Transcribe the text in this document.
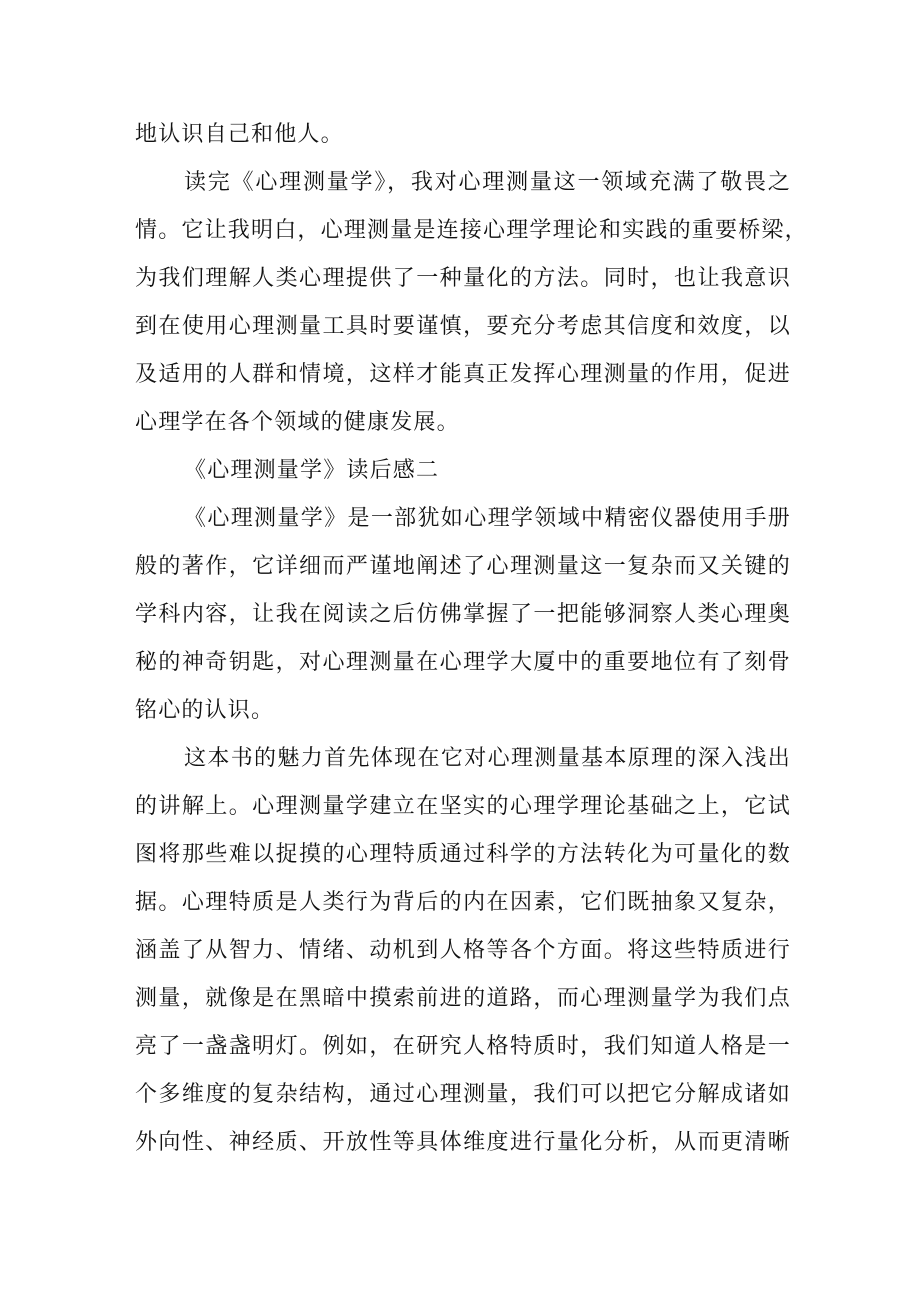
地认识自己和他人。
读完《心理测量学》，我对心理测量这一领域充满了敬畏之
情。它让我明白，心理测量是连接心理学理论和实践的重要桥梁，
为我们理解人类心理提供了一种量化的方法。同时，也让我意识
到在使用心理测量工具时要谨慎，要充分考虑其信度和效度，以
及适用的人群和情境，这样才能真正发挥心理测量的作用，促进
心理学在各个领域的健康发展。
《心理测量学》读后感二
《心理测量学》是一部犹如心理学领域中精密仪器使用手册
般的著作，它详细而严谨地阐述了心理测量这一复杂而又关键的
学科内容，让我在阅读之后仿佛掌握了一把能够洞察人类心理奥
秘的神奇钥匙，对心理测量在心理学大厦中的重要地位有了刻骨
铭心的认识。
这本书的魅力首先体现在它对心理测量基本原理的深入浅出
的讲解上。心理测量学建立在坚实的心理学理论基础之上，它试
图将那些难以捉摸的心理特质通过科学的方法转化为可量化的数
据。心理特质是人类行为背后的内在因素，它们既抽象又复杂，
涵盖了从智力、情绪、动机到人格等各个方面。将这些特质进行
测量，就像是在黑暗中摸索前进的道路，而心理测量学为我们点
亮了一盏盏明灯。例如，在研究人格特质时，我们知道人格是一
个多维度的复杂结构，通过心理测量，我们可以把它分解成诸如
外向性、神经质、开放性等具体维度进行量化分析，从而更清晰
